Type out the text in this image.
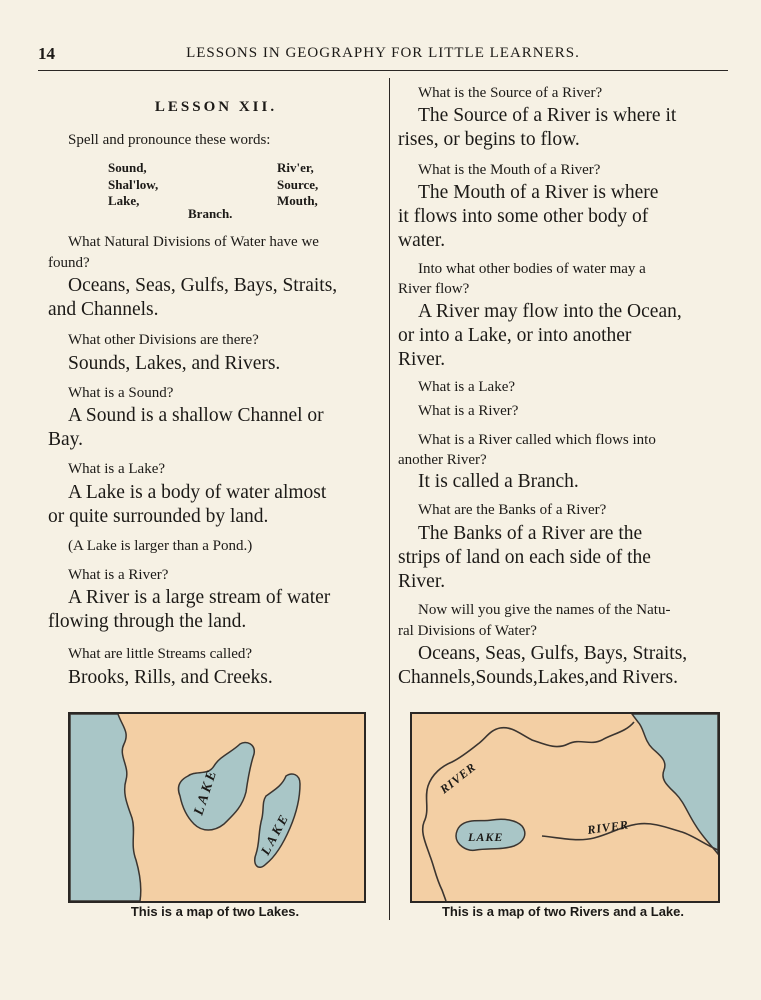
14	LESSONS IN GEOGRAPHY FOR LITTLE LEARNERS.
LESSON XII.
Spell and pronounce these words:
Sound,
Shal'low,
Lake,
Riv'er,
Source,
Mouth,
Branch.
What Natural Divisions of Water have we
found?
Oceans, Seas, Gulfs, Bays, Straits,
and Channels.
What other Divisions are there?
Sounds, Lakes, and Rivers.
What is a Sound?
A Sound is a shallow Channel or
Bay.
What is a Lake?
A Lake is a body of water almost
or quite surrounded by land.
(A Lake is larger than a Pond.)
What is a River?
A River is a large stream of water
flowing through the land.
What are little Streams called?
Brooks, Rills, and Creeks.
What is the Source of a River?
The Source of a River is where it
rises, or begins to flow.
What is the Mouth of a River?
The Mouth of a River is where
it flows into some other body of
water.
Into what other bodies of water may a
River flow?
A River may flow into the Ocean,
or into a Lake, or into another
River.
What is a Lake?
What is a River?
What is a River called which flows into
another River?
It is called a Branch.
What are the Banks of a River?
The Banks of a River are the
strips of land on each side of the
River.
Now will you give the names of the Natu-
ral Divisions of Water?
Oceans, Seas, Gulfs, Bays, Straits,
Channels,Sounds,Lakes,and Rivers.
LAKE
LAKE
This is a map of two Lakes.
RIVER
LAKE
RIVER
This is a map of two Rivers and a Lake.
